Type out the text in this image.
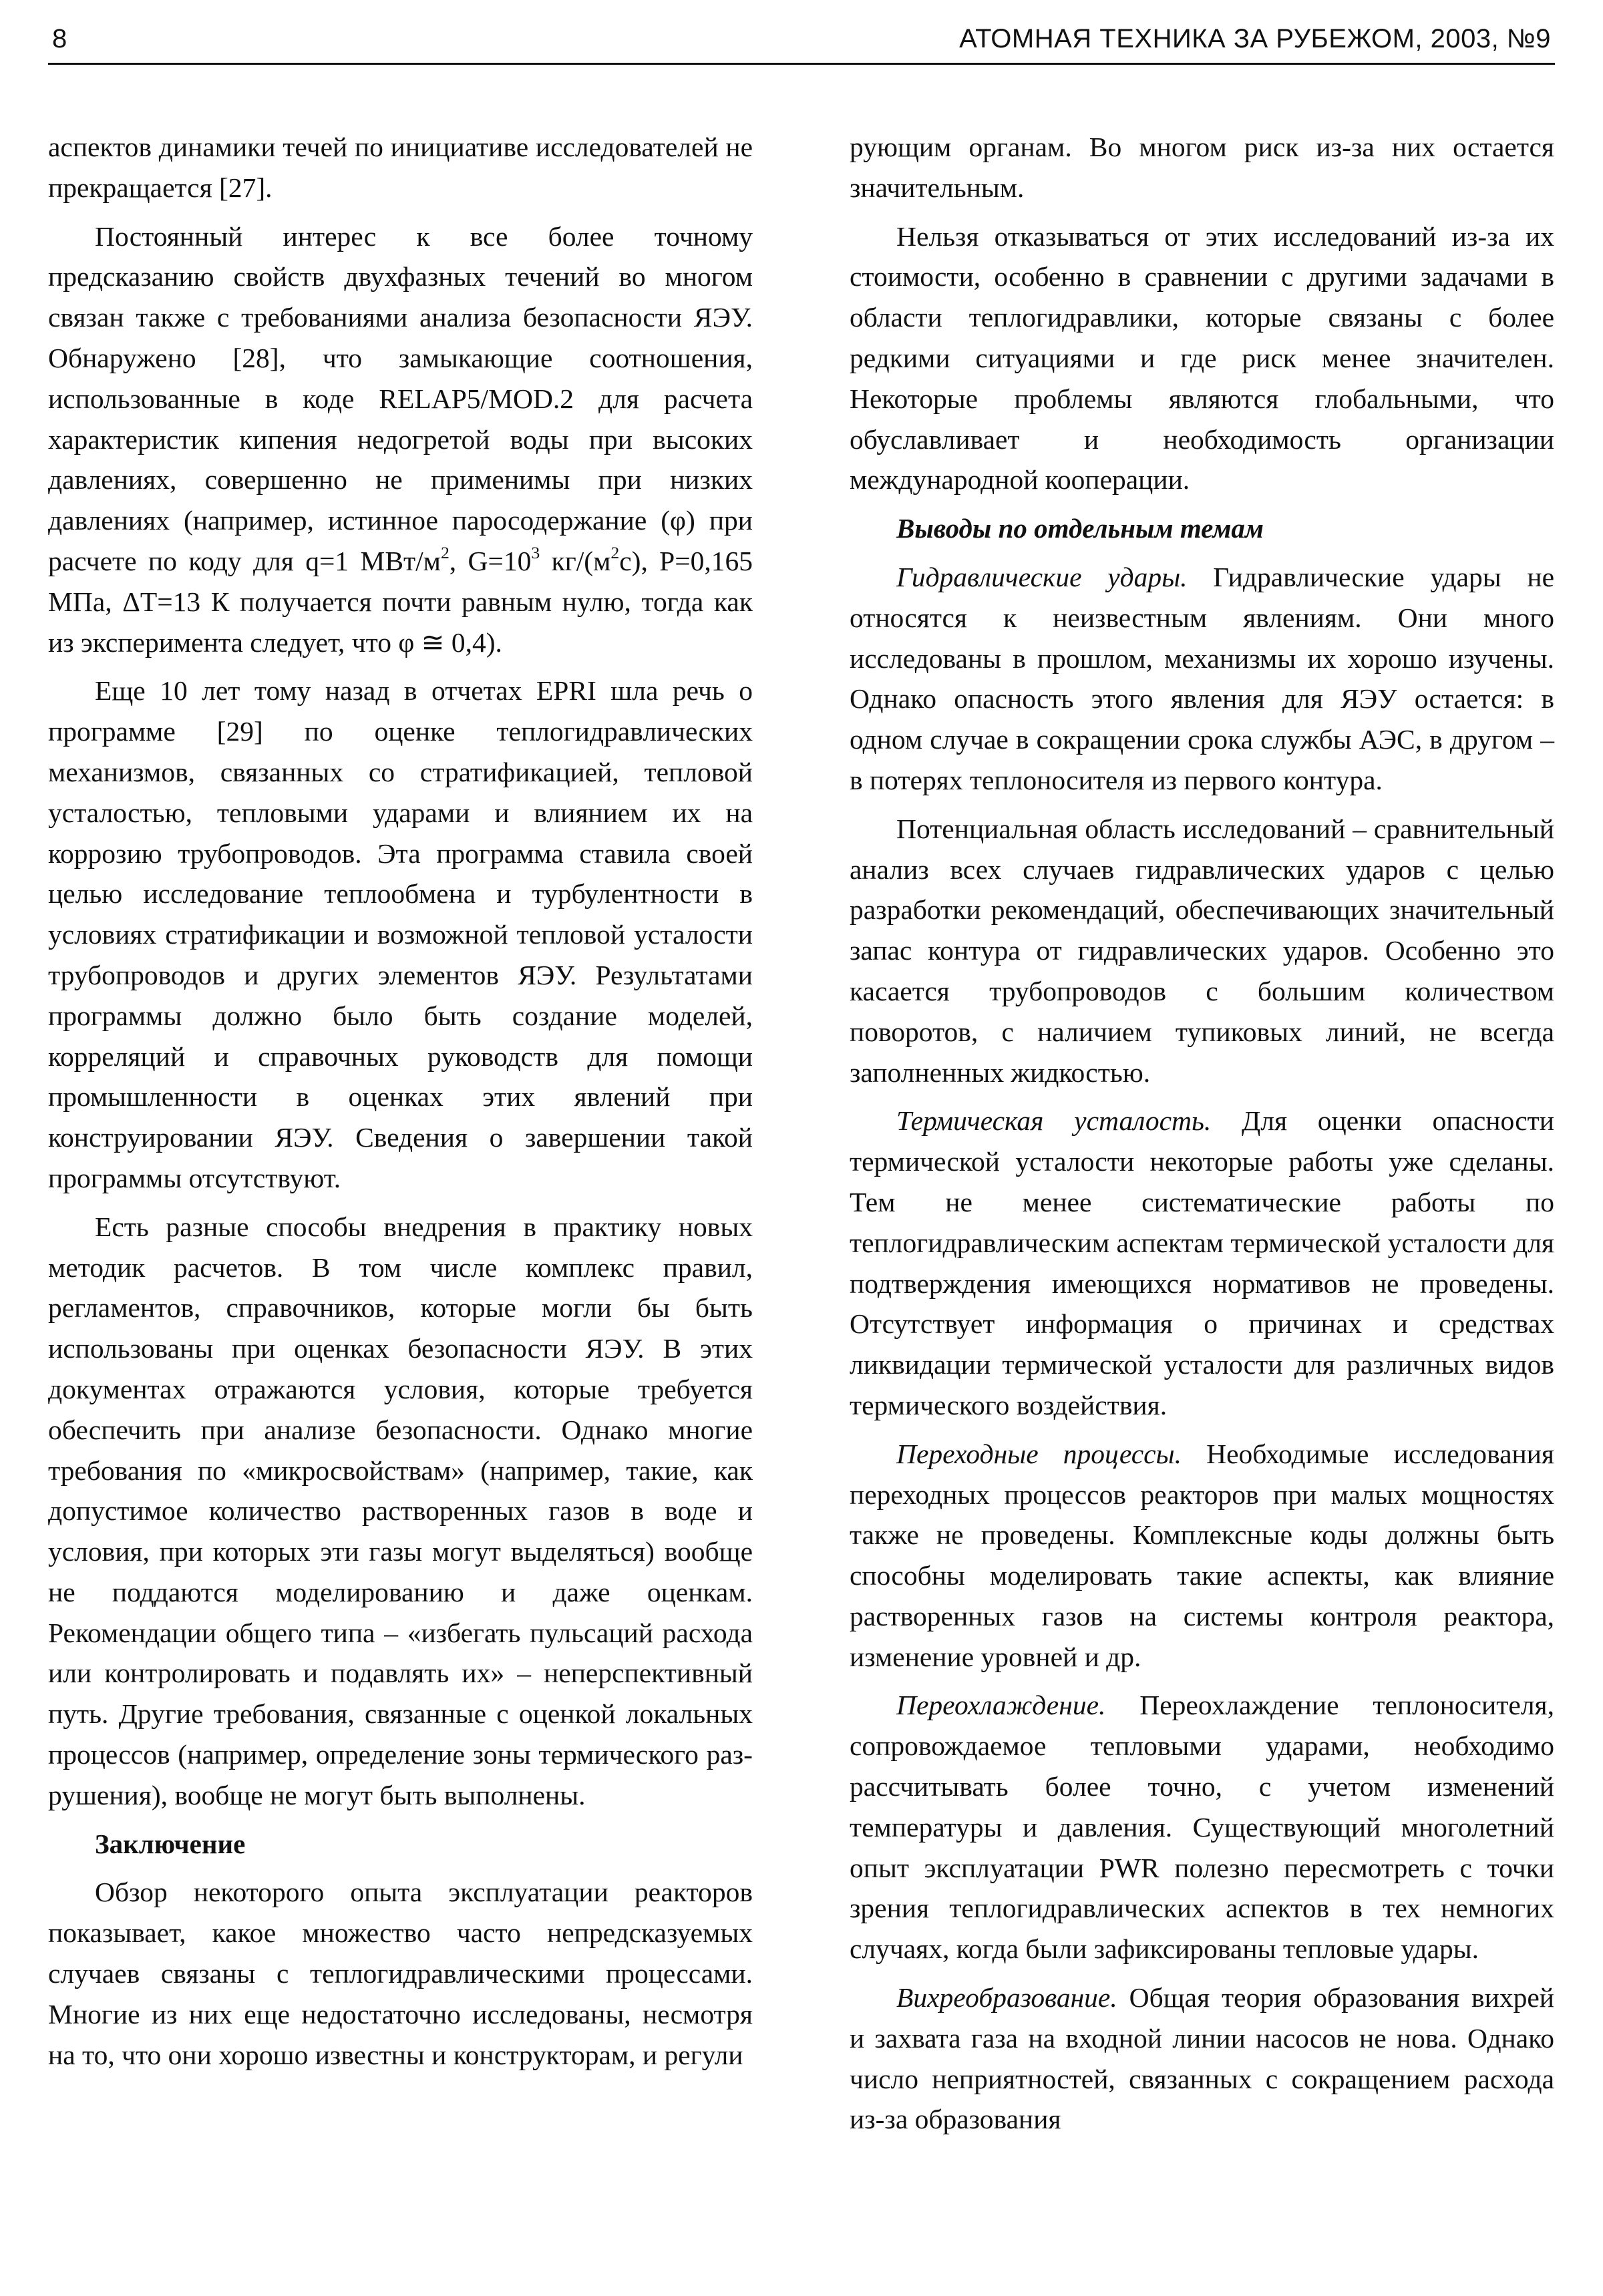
8	АТОМНАЯ ТЕХНИКА ЗА РУБЕЖОМ, 2003, №9

аспектов динамики течей по инициативе исследователей не прекращается [27].

Постоянный интерес к все более точному предсказанию свойств двухфазных течений во многом связан также с требованиями анализа безопасности ЯЭУ. Обнаружено [28], что замыкающие соотношения, использованные в коде RELAP5/MOD.2 для расчета характеристик кипения недогретой воды при высоких давлениях, совершенно не применимы при низких давлениях (например, истинное паросодержание (φ) при расчете по коду для q=1 МВт/$м^2$, $G=10^3$ $кг/(м^2с)$, P=0,165 МПа, ΔT=13 К получается почти равным нулю, тогда как из эксперимента следует, что φ ≅ 0,4).

Еще 10 лет тому назад в отчетах EPRI шла речь о программе [29] по оценке теплогидравлических механизмов, связанных со стратификацией, тепловой усталостью, тепловыми ударами и влиянием их на коррозию трубопроводов. Эта программа ставила своей целью исследование теплообмена и турбулентности в условиях стратификации и возможной тепловой усталости трубопроводов и других элементов ЯЭУ. Результатами программы должно было быть создание моделей, корреляций и справочных руководств для помощи промышленности в оценках этих явлений при конструировании ЯЭУ. Сведения о завершении такой программы отсутствуют.

Есть разные способы внедрения в практику новых методик расчетов. В том числе комплекс правил, регламентов, справочников, которые могли бы быть использованы при оценках безопасности ЯЭУ. В этих документах отражаются условия, которые требуется обеспечить при анализе безопасности. Однако многие требования по «микросвойствам» (например, такие, как допустимое количество растворенных газов в воде и условия, при которых эти газы могут выделяться) вообще не поддаются моделированию и даже оценкам. Рекомендации общего типа – «избегать пульсаций расхода или контролировать и подавлять их» – неперспективный путь. Другие требования, связанные с оценкой локальных процессов (например, определение зоны термического разрушения), вообще не могут быть выполнены.

Заключение

Обзор некоторого опыта эксплуатации реакторов показывает, какое множество часто непредсказуемых случаев связаны с теплогидравлическими процессами. Многие из них еще недостаточно исследованы, несмотря на то, что они хорошо известны и конструкторам, и регули

рующим органам. Во многом риск из-за них остается значительным.

Нельзя отказываться от этих исследований из-за их стоимости, особенно в сравнении с другими задачами в области теплогидравлики, которые связаны с более редкими ситуациями и где риск менее значителен. Некоторые проблемы являются глобальными, что обуславливает и необходимость организации международной кооперации.

Выводы по отдельным темам

Гидравлические удары. Гидравлические удары не относятся к неизвестным явлениям. Они много исследованы в прошлом, механизмы их хорошо изучены. Однако опасность этого явления для ЯЭУ остается: в одном случае в сокращении срока службы АЭС, в другом – в потерях теплоносителя из первого контура.

Потенциальная область исследований – сравнительный анализ всех случаев гидравлических ударов с целью разработки рекомендаций, обеспечивающих значительный запас контура от гидравлических ударов. Особенно это касается трубопроводов с большим количеством поворотов, с наличием тупиковых линий, не всегда заполненных жидкостью.

Термическая усталость. Для оценки опасности термической усталости некоторые работы уже сделаны. Тем не менее систематические работы по теплогидравлическим аспектам термической усталости для подтверждения имеющихся нормативов не проведены. Отсутствует информация о причинах и средствах ликвидации термической усталости для различных видов термического воздействия.

Переходные процессы. Необходимые исследования переходных процессов реакторов при малых мощностях также не проведены. Комплексные коды должны быть способны моделировать такие аспекты, как влияние растворенных газов на системы контроля реактора, изменение уровней и др.

Переохлаждение. Переохлаждение теплоносителя, сопровождаемое тепловыми ударами, необходимо рассчитывать более точно, с учетом изменений температуры и давления. Существующий многолетний опыт эксплуатации PWR полезно пересмотреть с точки зрения теплогидравлических аспектов в тех немногих случаях, когда были зафиксированы тепловые удары.

Вихреобразование. Общая теория образования вихрей и захвата газа на входной линии насосов не нова. Однако число неприятностей, связанных с сокращением расхода из-за образования
